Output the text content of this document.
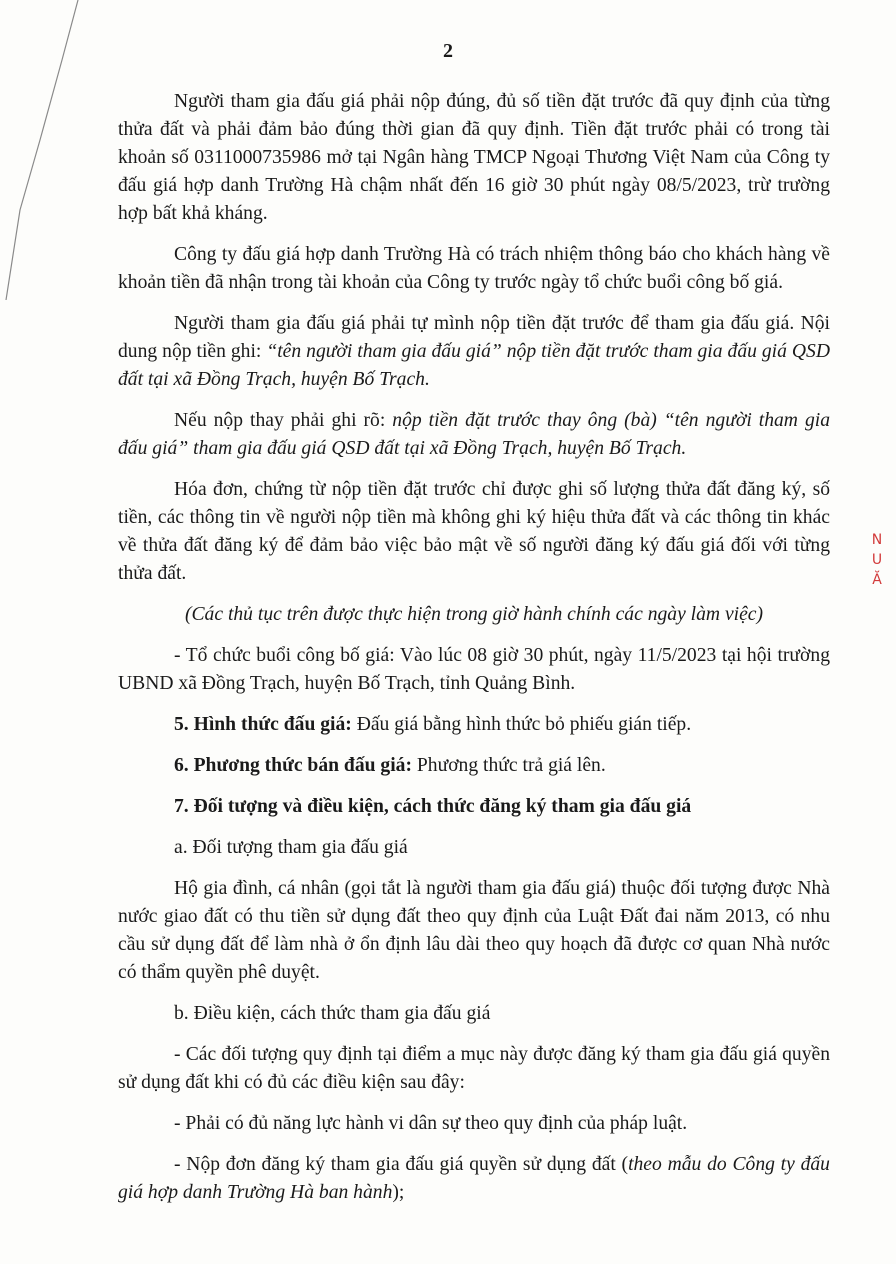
2

Người tham gia đấu giá phải nộp đúng, đủ số tiền đặt trước đã quy định của từng thửa đất và phải đảm bảo đúng thời gian đã quy định. Tiền đặt trước phải có trong tài khoản số 0311000735986 mở tại Ngân hàng TMCP Ngoại Thương Việt Nam của Công ty đấu giá hợp danh Trường Hà chậm nhất đến 16 giờ 30 phút ngày 08/5/2023, trừ trường hợp bất khả kháng.

Công ty đấu giá hợp danh Trường Hà có trách nhiệm thông báo cho khách hàng về khoản tiền đã nhận trong tài khoản của Công ty trước ngày tổ chức buổi công bố giá.

Người tham gia đấu giá phải tự mình nộp tiền đặt trước để tham gia đấu giá. Nội dung nộp tiền ghi: “tên người tham gia đấu giá” nộp tiền đặt trước tham gia đấu giá QSD đất tại xã Đồng Trạch, huyện Bố Trạch.

Nếu nộp thay phải ghi rõ: nộp tiền đặt trước thay ông (bà) “tên người tham gia đấu giá” tham gia đấu giá QSD đất tại xã Đồng Trạch, huyện Bố Trạch.

Hóa đơn, chứng từ nộp tiền đặt trước chỉ được ghi số lượng thửa đất đăng ký, số tiền, các thông tin về người nộp tiền mà không ghi ký hiệu thửa đất và các thông tin khác về thửa đất đăng ký để đảm bảo việc bảo mật về số người đăng ký đấu giá đối với từng thửa đất.

(Các thủ tục trên được thực hiện trong giờ hành chính các ngày làm việc)

- Tổ chức buổi công bố giá: Vào lúc 08 giờ 30 phút, ngày 11/5/2023 tại hội trường UBND xã Đồng Trạch, huyện Bố Trạch, tỉnh Quảng Bình.

5. Hình thức đấu giá: Đấu giá bằng hình thức bỏ phiếu gián tiếp.

6. Phương thức bán đấu giá: Phương thức trả giá lên.

7. Đối tượng và điều kiện, cách thức đăng ký tham gia đấu giá

a. Đối tượng tham gia đấu giá

Hộ gia đình, cá nhân (gọi tắt là người tham gia đấu giá) thuộc đối tượng được Nhà nước giao đất có thu tiền sử dụng đất theo quy định của Luật Đất đai năm 2013, có nhu cầu sử dụng đất để làm nhà ở ổn định lâu dài theo quy hoạch đã được cơ quan Nhà nước có thẩm quyền phê duyệt.

b. Điều kiện, cách thức tham gia đấu giá

- Các đối tượng quy định tại điểm a mục này được đăng ký tham gia đấu giá quyền sử dụng đất khi có đủ các điều kiện sau đây:

- Phải có đủ năng lực hành vi dân sự theo quy định của pháp luật.

- Nộp đơn đăng ký tham gia đấu giá quyền sử dụng đất (theo mẫu do Công ty đấu giá hợp danh Trường Hà ban hành);

N
U
Ă
